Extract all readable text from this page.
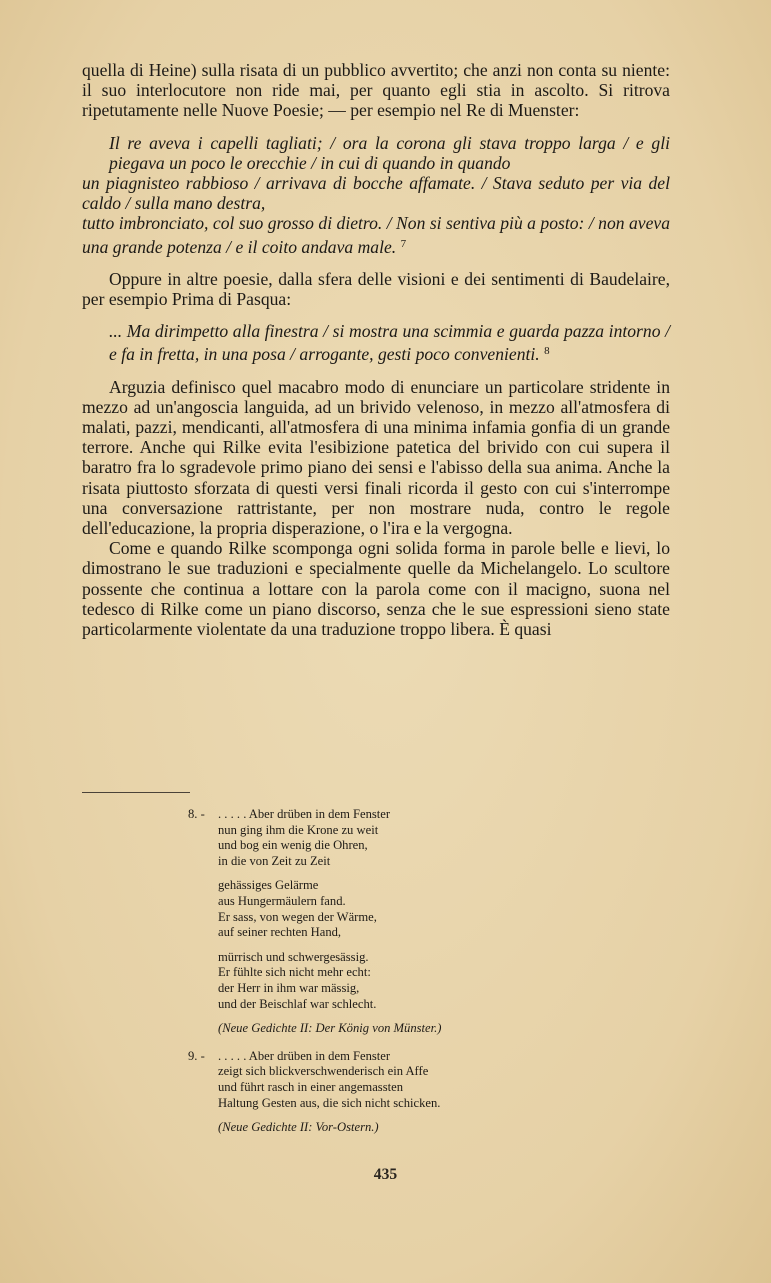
quella di Heine) sulla risata di un pubblico avvertito; che anzi non conta su niente: il suo interlocutore non ride mai, per quanto egli stia in ascolto. Si ritrova ripetutamente nelle Nuove Poesie; — per esempio nel Re di Muenster:

Il re aveva i capelli tagliati; / ora la corona gli stava troppo larga / e gli piegava un poco le orecchie / in cui di quando in quando
un piagnisteo rabbioso / arrivava di bocche affamate. / Stava seduto per via del caldo / sulla mano destra,
tutto imbronciato, col suo grosso di dietro. / Non si sentiva più a posto: / non aveva una grande potenza / e il coito andava male. $^7$

Oppure in altre poesie, dalla sfera delle visioni e dei sentimenti di Baudelaire, per esempio Prima di Pasqua:

... Ma dirimpetto alla finestra / si mostra una scimmia e guarda pazza intorno / e fa in fretta, in una posa / arrogante, gesti poco convenienti. $^8$

Arguzia definisco quel macabro modo di enunciare un particolare stridente in mezzo ad un'angoscia languida, ad un brivido velenoso, in mezzo all'atmosfera di malati, pazzi, mendicanti, all'atmosfera di una minima infamia gonfia di un grande terrore. Anche qui Rilke evita l'esibizione patetica del brivido con cui supera il baratro fra lo sgradevole primo piano dei sensi e l'abisso della sua anima. Anche la risata piuttosto sforzata di questi versi finali ricorda il gesto con cui s'interrompe una conversazione rattristante, per non mostrare nuda, contro le regole dell'educazione, la propria disperazione, o l'ira e la vergogna.

Come e quando Rilke scomponga ogni solida forma in parole belle e lievi, lo dimostrano le sue traduzioni e specialmente quelle da Michelangelo. Lo scultore possente che continua a lottare con la parola come con il macigno, suona nel tedesco di Rilke come un piano discorso, senza che le sue espressioni sieno state particolarmente violentate da una traduzione troppo libera. È quasi

8. - . . . . . Aber drüben in dem Fenster
nun ging ihm die Krone zu weit
und bog ein wenig die Ohren,
in die von Zeit zu Zeit
gehässiges Gelärme
aus Hungermäulern fand.
Er sass, von wegen der Wärme,
auf seiner rechten Hand,
mürrisch und schwergesässig.
Er fühlte sich nicht mehr echt:
der Herr in ihm war mässig,
und der Beischlaf war schlecht.
(Neue Gedichte II: Der König von Münster.)
9. - . . . . . Aber drüben in dem Fenster
zeigt sich blickverschwenderisch ein Affe
und führt rasch in einer angemassten
Haltung Gesten aus, die sich nicht schicken.
(Neue Gedichte II: Vor-Ostern.)
435
